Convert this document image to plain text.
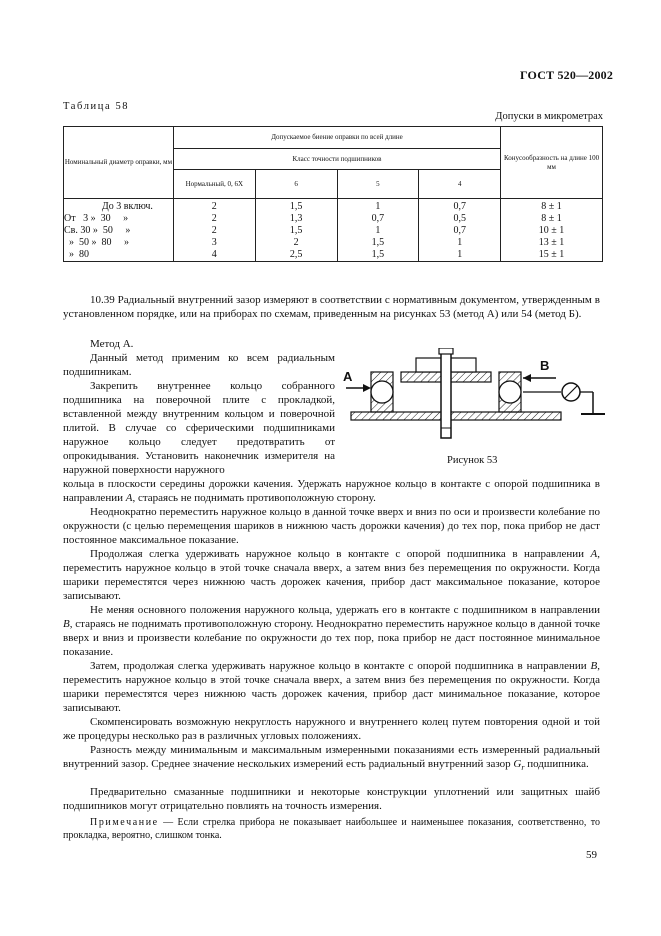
ГОСТ 520—2002
Таблица 58
Допуски в микрометрах
Номинальный диаметр оправки, мм	Допускаемое биение оправки по всей длине				Конусообразность на длине 100 мм
	Класс точности подшипников				
	Нормальный, 0, 6X	6	5	4	
До 3 включ.	2	1,5	1	0,7	8 ± 1
От   3 »  30     »	2	1,3	0,7	0,5	8 ± 1
Св. 30 »  50     »	2	1,5	1	0,7	10 ± 1
»  50 »  80     »	3	2	1,5	1	13 ± 1
»  80	4	2,5	1,5	1	15 ± 1

10.39 Радиальный внутренний зазор измеряют в соответствии с нормативным документом, утвержденным в установленном порядке, или на приборах по схемам, приведенным на рисунках 53 (метод А) или 54 (метод Б).

Метод А.

Данный метод применим ко всем радиальным подшипникам.

Закрепить внутреннее кольцо собранного подшипника на поверочной плите с прокладкой, вставленной между внутренним кольцом и поверочной плитой. В случае со сферическими подшипниками наружное кольцо следует предотвратить от опрокидывания. Установить наконечник измерителя на наружной поверхности наружного

кольца в плоскости середины дорожки качения. Удержать наружное кольцо в контакте с опорой подшипника в направлении А, стараясь не поднимать противоположную сторону.

Неоднократно переместить наружное кольцо в данной точке вверх и вниз по оси и произвести колебание по окружности (с целью перемещения шариков в нижнюю часть дорожки качения) до тех пор, пока прибор не даст постоянное максимальное показание.

Продолжая слегка удерживать наружное кольцо в контакте с опорой подшипника в направлении А, переместить наружное кольцо в этой точке сначала вверх, а затем вниз без перемещения по окружности. Когда шарики переместятся через нижнюю часть дорожек качения, прибор даст максимальное показание, которое записывают.

Не меняя основного положения наружного кольца, удержать его в контакте с подшипником в направлении В, стараясь не поднимать противоположную сторону. Неоднократно переместить наружное кольцо в данной точке вверх и вниз и произвести колебание по окружности до тех пор, пока прибор не даст постоянное минимальное показание.

Затем, продолжая слегка удерживать наружное кольцо в контакте с опорой подшипника в направлении В, переместить наружное кольцо в этой точке сначала вверх, а затем вниз без перемещения по окружности. Когда шарики переместятся через нижнюю часть дорожек качения, прибор даст минимальное показание, которое записывают.

Скомпенсировать возможную некруглость наружного и внутреннего колец путем повторения одной и той же процедуры несколько раз в различных угловых положениях.

Разность между минимальным и максимальным измеренными показаниями есть измеренный радиальный внутренний зазор. Среднее значение нескольких измерений есть радиальный внутренний зазор $G_r$ подшипника.

Предварительно смазанные подшипники и некоторые конструкции уплотнений или защитных шайб подшипников могут отрицательно повлиять на точность измерения.

Примечание — Если стрелка прибора не показывает наибольшее и наименьшее показания, соответственно, то прокладка, вероятно, слишком тонка.

А
В
Рисунок 53
59
